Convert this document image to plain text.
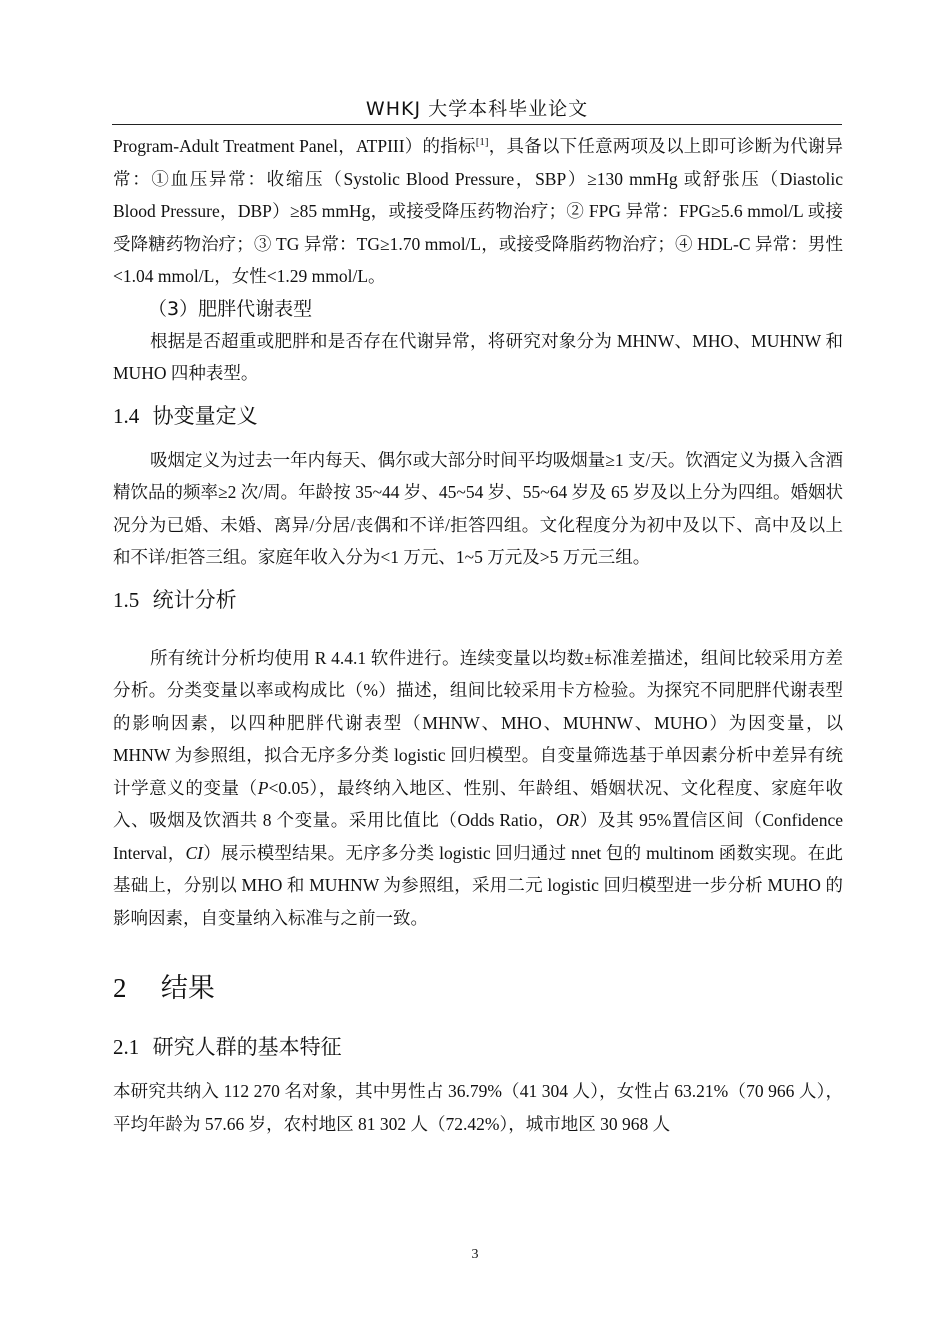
WHKJ 大学本科毕业论文

Program-Adult Treatment Panel，ATPIII）的指标[1]，具备以下任意两项及以上即可诊断为代谢异常：①血压异常：收缩压（Systolic Blood Pressure，SBP）≥130 mmHg 或舒张压（Diastolic Blood Pressure，DBP）≥85 mmHg，或接受降压药物治疗；② FPG 异常：FPG≥5.6 mmol/L 或接受降糖药物治疗；③ TG 异常：TG≥1.70 mmol/L，或接受降脂药物治疗；④ HDL-C 异常：男性<1.04 mmol/L，女性<1.29 mmol/L。

（3）肥胖代谢表型

根据是否超重或肥胖和是否存在代谢异常，将研究对象分为 MHNW、MHO、MUHNW 和 MUHO 四种表型。

1.4 协变量定义

吸烟定义为过去一年内每天、偶尔或大部分时间平均吸烟量≥1 支/天。饮酒定义为摄入含酒精饮品的频率≥2 次/周。年龄按 35~44 岁、45~54 岁、55~64 岁及 65 岁及以上分为四组。婚姻状况分为已婚、未婚、离异/分居/丧偶和不详/拒答四组。文化程度分为初中及以下、高中及以上和不详/拒答三组。家庭年收入分为<1 万元、1~5 万元及>5 万元三组。

1.5 统计分析

所有统计分析均使用 R 4.4.1 软件进行。连续变量以均数±标准差描述，组间比较采用方差分析。分类变量以率或构成比（%）描述，组间比较采用卡方检验。为探究不同肥胖代谢表型的影响因素，以四种肥胖代谢表型（MHNW、MHO、MUHNW、MUHO）为因变量，以 MHNW 为参照组，拟合无序多分类 logistic 回归模型。自变量筛选基于单因素分析中差异有统计学意义的变量（P<0.05），最终纳入地区、性别、年龄组、婚姻状况、文化程度、家庭年收入、吸烟及饮酒共 8 个变量。采用比值比（Odds Ratio，OR）及其 95%置信区间（Confidence Interval，CI）展示模型结果。无序多分类 logistic 回归通过 nnet 包的 multinom 函数实现。在此基础上，分别以 MHO 和 MUHNW 为参照组，采用二元 logistic 回归模型进一步分析 MUHO 的影响因素，自变量纳入标准与之前一致。

2 结果
2.1 研究人群的基本特征

本研究共纳入 112 270 名对象，其中男性占 36.79%（41 304 人），女性占 63.21%（70 966 人），平均年龄为 57.66 岁，农村地区 81 302 人（72.42%），城市地区 30 968 人

3
